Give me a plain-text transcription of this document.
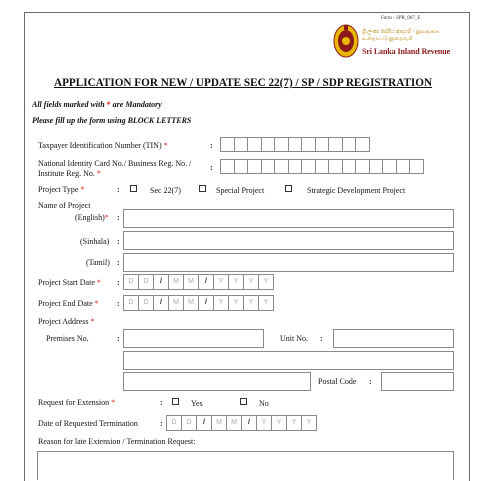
Form - SPR_007_E
ශ්‍රී ලංකා දේශීය ආදායම් / இலங்கை உள்நாட்டு இறைவரி
Sri Lanka Inland Revenue
APPLICATION FOR NEW / UPDATE SEC 22(7) / SP / SDP REGISTRATION
All fields marked with * are Mandatory
Please fill up the form using BLOCK LETTERS
Taxpayer Identification Number (TIN) *	:
National Identity Card No./ Business Reg. No. /
Institute Reg. No. *
:
Project Type *	:	Sec 22(7)	Special Project	Strategic Development Project
Name of Project
(English)* :
(Sinhala) :
(Tamil) :
Project Start Date * :	D	D	/	M	M	/	Y	Y	Y	Y
Project End Date * :	D	D	/	M	M	/	Y	Y	Y	Y
Project Address *
Premises No.	:	Unit No. :
Postal Code :
Request for Extension *	:	Yes	No
Date of Requested Termination	:	D	D	/	M	M	/	Y	Y	Y	Y
Reason for late Extension / Termination Request:
